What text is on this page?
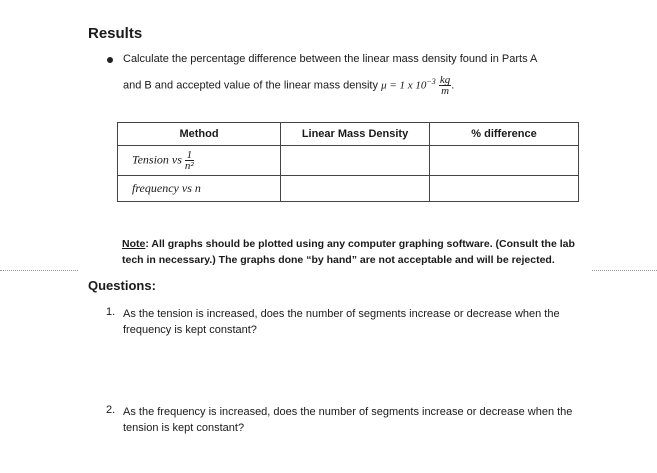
Results
Calculate the percentage difference between the linear mass density found in Parts A
and B and accepted value of the linear mass density μ = 1 x $10^{-3} \frac{kg}{m}$ .
Method	Linear Mass Density	% difference
Tension vs $\frac{1}{\text{n²}}$

frequency vs n		
Note: All graphs should be plotted using any computer graphing software. (Consult the lab tech in necessary.) The graphs done “by hand” are not acceptable and will be rejected.
Questions:
1. As the tension is increased, does the number of segments increase or decrease when the frequency is kept constant?
2. As the frequency is increased, does the number of segments increase or decrease when the tension is kept constant?
